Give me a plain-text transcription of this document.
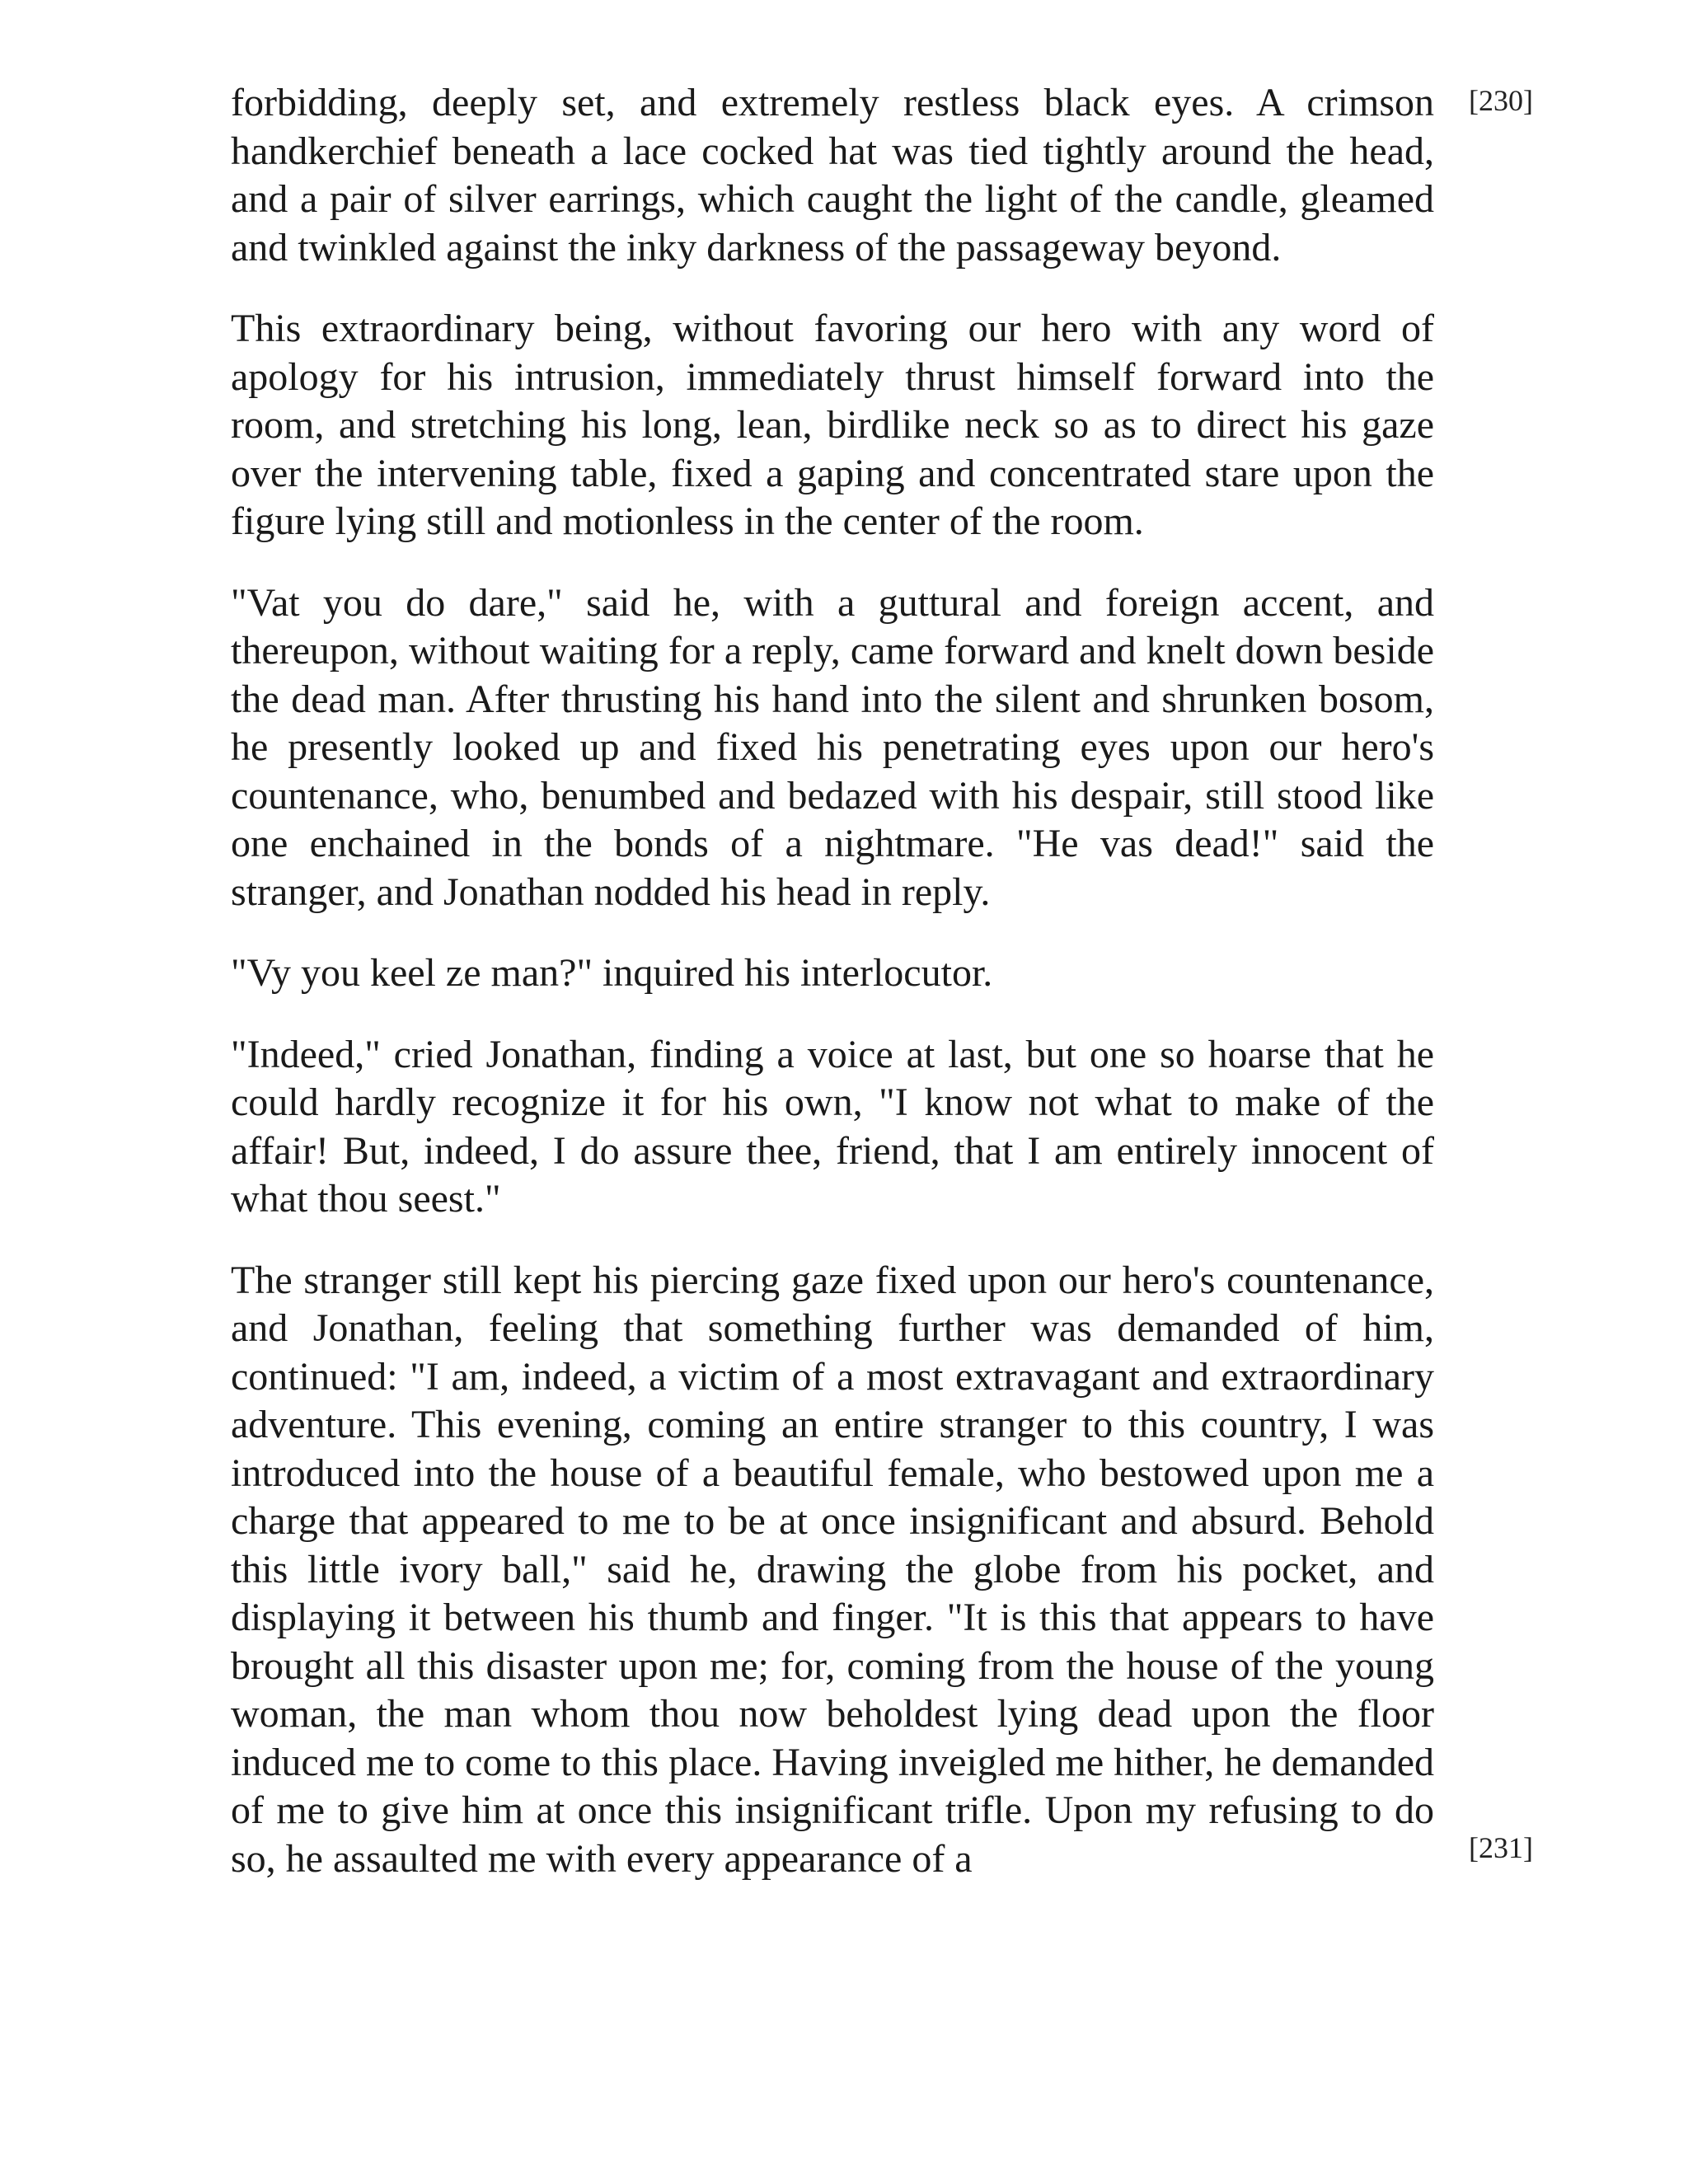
forbidding, deeply set, and extremely restless black eyes. A crimson handkerchief beneath a lace cocked hat was tied tightly around the head, and a pair of silver earrings, which caught the light of the candle, gleamed and twinkled against the inky darkness of the passageway beyond.

This extraordinary being, without favoring our hero with any word of apology for his intrusion, immediately thrust himself forward into the room, and stretching his long, lean, birdlike neck so as to direct his gaze over the intervening table, fixed a gaping and concentrated stare upon the figure lying still and motionless in the center of the room.

"Vat you do dare," said he, with a guttural and foreign accent, and thereupon, without waiting for a reply, came forward and knelt down beside the dead man. After thrusting his hand into the silent and shrunken bosom, he presently looked up and fixed his penetrating eyes upon our hero's countenance, who, benumbed and bedazed with his despair, still stood like one enchained in the bonds of a nightmare. "He vas dead!" said the stranger, and Jonathan nodded his head in reply.

"Vy you keel ze man?" inquired his interlocutor.

"Indeed," cried Jonathan, finding a voice at last, but one so hoarse that he could hardly recognize it for his own, "I know not what to make of the affair! But, indeed, I do assure thee, friend, that I am entirely innocent of what thou seest."

The stranger still kept his piercing gaze fixed upon our hero's countenance, and Jonathan, feeling that something further was demanded of him, continued: "I am, indeed, a victim of a most extravagant and extraordinary adventure. This evening, coming an entire stranger to this country, I was introduced into the house of a beautiful female, who bestowed upon me a charge that appeared to me to be at once insignificant and absurd. Behold this little ivory ball," said he, drawing the globe from his pocket, and displaying it between his thumb and finger. "It is this that appears to have brought all this disaster upon me; for, coming from the house of the young woman, the man whom thou now beholdest lying dead upon the floor induced me to come to this place. Having inveigled me hither, he demanded of me to give him at once this insignificant trifle. Upon my refusing to do so, he assaulted me with every appearance of a

[230]
[231]
